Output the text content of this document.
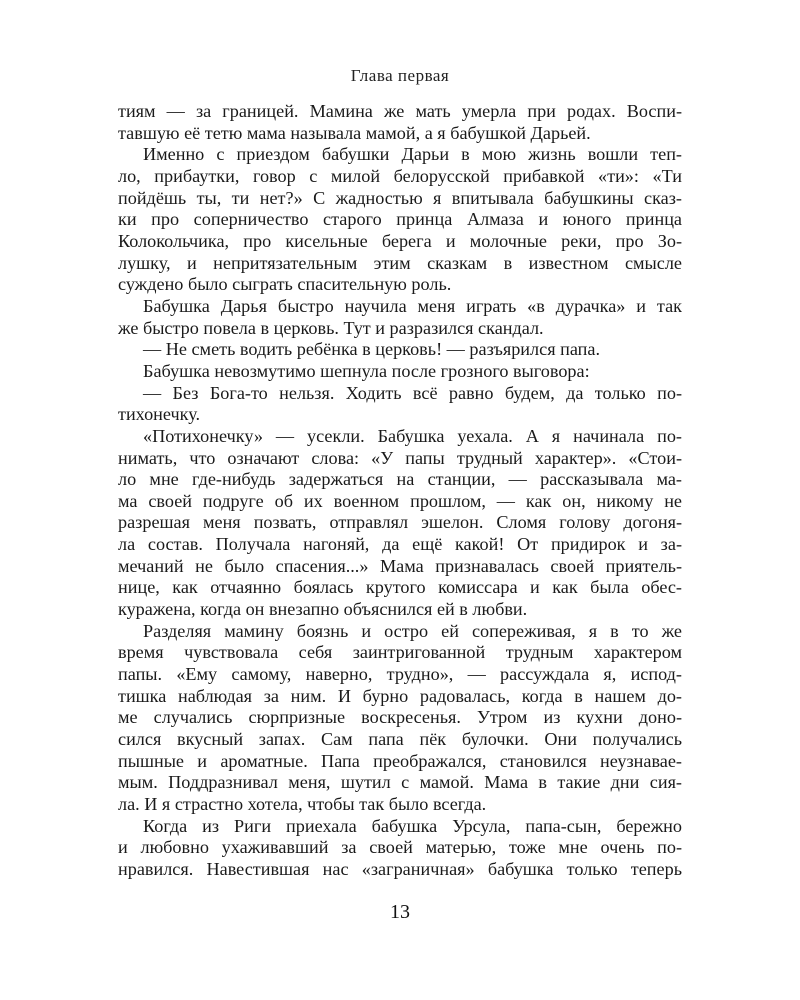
Глава первая
тиям — за границей. Мамина же мать умерла при родах. Воспи-
тавшую её тетю мама называла мамой, а я бабушкой Дарьей.
Именно с приездом бабушки Дарьи в мою жизнь вошли теп-
ло, прибаутки, говор с милой белорусской прибавкой «ти»: «Ти
пойдёшь ты, ти нет?» С жадностью я впитывала бабушкины сказ-
ки про соперничество старого принца Алмаза и юного принца
Колокольчика, про кисельные берега и молочные реки, про Зо-
лушку, и непритязательным этим сказкам в известном смысле
суждено было сыграть спасительную роль.
Бабушка Дарья быстро научила меня играть «в дурачка» и так
же быстро повела в церковь. Тут и разразился скандал.
— Не сметь водить ребёнка в церковь! — разъярился папа.
Бабушка невозмутимо шепнула после грозного выговора:
— Без Бога-то нельзя. Ходить всё равно будем, да только по-
тихонечку.
«Потихонечку» — усекли. Бабушка уехала. А я начинала по-
нимать, что означают слова: «У папы трудный характер». «Стои-
ло мне где-нибудь задержаться на станции, — рассказывала ма-
ма своей подруге об их военном прошлом, — как он, никому не
разрешая меня позвать, отправлял эшелон. Сломя голову догоня-
ла состав. Получала нагоняй, да ещё какой! От придирок и за-
мечаний не было спасения...» Мама признавалась своей приятель-
нице, как отчаянно боялась крутого комиссара и как была обес-
куражена, когда он внезапно объяснился ей в любви.
Разделяя мамину боязнь и остро ей сопереживая, я в то же
время чувствовала себя заинтригованной трудным характером
папы. «Ему самому, наверно, трудно», — рассуждала я, испод-
тишка наблюдая за ним. И бурно радовалась, когда в нашем до-
ме случались сюрпризные воскресенья. Утром из кухни доно-
сился вкусный запах. Сам папа пёк булочки. Они получались
пышные и ароматные. Папа преображался, становился неузнавае-
мым. Поддразнивал меня, шутил с мамой. Мама в такие дни сия-
ла. И я страстно хотела, чтобы так было всегда.
Когда из Риги приехала бабушка Урсула, папа-сын, бережно
и любовно ухаживавший за своей матерью, тоже мне очень по-
нравился. Навестившая нас «заграничная» бабушка только теперь
13
